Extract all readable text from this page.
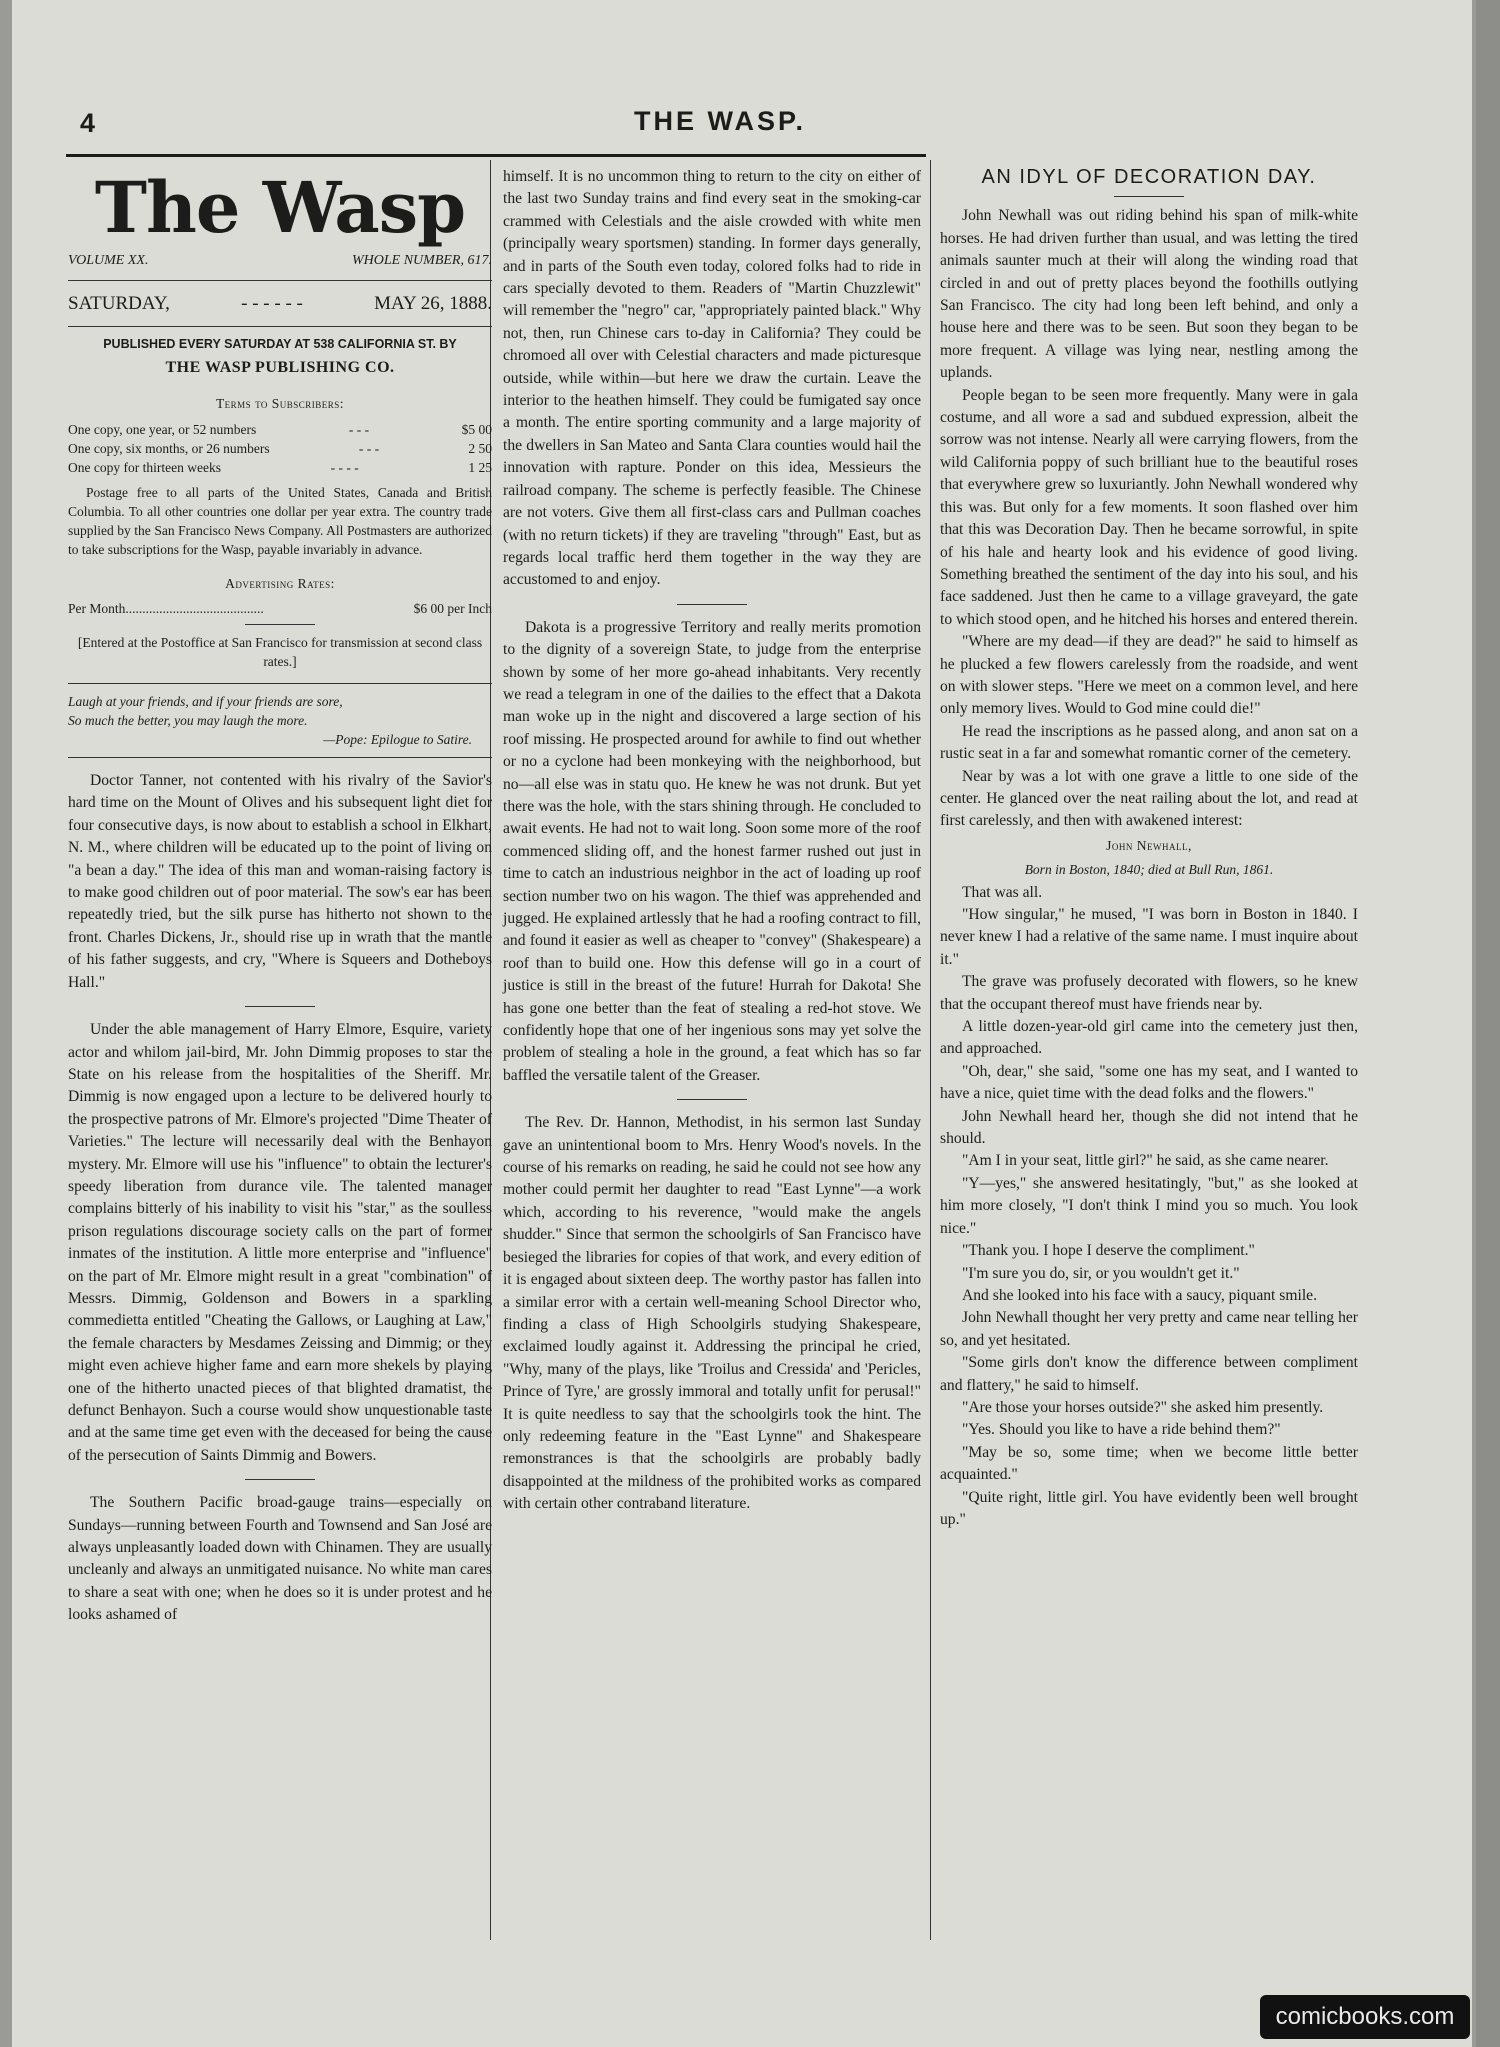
4	THE WASP.
The Wasp
VOLUME XX.	WHOLE NUMBER, 617.
SATURDAY,	- - - - - -	MAY 26, 1888.
PUBLISHED EVERY SATURDAY AT 538 CALIFORNIA ST. BY
THE WASP PUBLISHING CO.
Terms to Subscribers:
One copy, one year, or 52 numbers	- - -	$5 00
One copy, six months, or 26 numbers	- - -	2 50
One copy for thirteen weeks	- - - -	1 25
Postage free to all parts of the United States, Canada and British Columbia. To all other countries one dollar per year extra. The country trade supplied by the San Francisco News Company. All Postmasters are authorized to take subscriptions for the Wasp, payable invariably in advance.
Advertising Rates:
Per Month.........................................	$6 00 per Inch
[Entered at the Postoffice at San Francisco for transmission at second class rates.]
Laugh at your friends, and if your friends are sore,
So much the better, you may laugh the more.
—Pope: Epilogue to Satire.

Doctor Tanner, not contented with his rivalry of the Savior's hard time on the Mount of Olives and his subsequent light diet for four consecutive days, is now about to establish a school in Elkhart, N. M., where children will be educated up to the point of living on "a bean a day." The idea of this man and woman-raising factory is to make good children out of poor material. The sow's ear has been repeatedly tried, but the silk purse has hitherto not shown to the front. Charles Dickens, Jr., should rise up in wrath that the mantle of his father suggests, and cry, "Where is Squeers and Dotheboys Hall."

Under the able management of Harry Elmore, Esquire, variety actor and whilom jail-bird, Mr. John Dimmig proposes to star the State on his release from the hospitalities of the Sheriff. Mr. Dimmig is now engaged upon a lecture to be delivered hourly to the prospective patrons of Mr. Elmore's projected "Dime Theater of Varieties." The lecture will necessarily deal with the Benhayon mystery. Mr. Elmore will use his "influence" to obtain the lecturer's speedy liberation from durance vile. The talented manager complains bitterly of his inability to visit his "star," as the soulless prison regulations discourage society calls on the part of former inmates of the institution. A little more enterprise and "influence" on the part of Mr. Elmore might result in a great "combination" of Messrs. Dimmig, Goldenson and Bowers in a sparkling commedietta entitled "Cheating the Gallows, or Laughing at Law," the female characters by Mesdames Zeissing and Dimmig; or they might even achieve higher fame and earn more shekels by playing one of the hitherto unacted pieces of that blighted dramatist, the defunct Benhayon. Such a course would show unquestionable taste and at the same time get even with the deceased for being the cause of the persecution of Saints Dimmig and Bowers.

The Southern Pacific broad-gauge trains—especially on Sundays—running between Fourth and Townsend and San José are always unpleasantly loaded down with Chinamen. They are usually uncleanly and always an unmitigated nuisance. No white man cares to share a seat with one; when he does so it is under protest and he looks ashamed of

himself. It is no uncommon thing to return to the city on either of the last two Sunday trains and find every seat in the smoking-car crammed with Celestials and the aisle crowded with white men (principally weary sportsmen) standing. In former days generally, and in parts of the South even today, colored folks had to ride in cars specially devoted to them. Readers of "Martin Chuzzlewit" will remember the "negro" car, "appropriately painted black." Why not, then, run Chinese cars to-day in California? They could be chromoed all over with Celestial characters and made picturesque outside, while within—but here we draw the curtain. Leave the interior to the heathen himself. They could be fumigated say once a month. The entire sporting community and a large majority of the dwellers in San Mateo and Santa Clara counties would hail the innovation with rapture. Ponder on this idea, Messieurs the railroad company. The scheme is perfectly feasible. The Chinese are not voters. Give them all first-class cars and Pullman coaches (with no return tickets) if they are traveling "through" East, but as regards local traffic herd them together in the way they are accustomed to and enjoy.

Dakota is a progressive Territory and really merits promotion to the dignity of a sovereign State, to judge from the enterprise shown by some of her more go-ahead inhabitants. Very recently we read a telegram in one of the dailies to the effect that a Dakota man woke up in the night and discovered a large section of his roof missing. He prospected around for awhile to find out whether or no a cyclone had been monkeying with the neighborhood, but no—all else was in statu quo. He knew he was not drunk. But yet there was the hole, with the stars shining through. He concluded to await events. He had not to wait long. Soon some more of the roof commenced sliding off, and the honest farmer rushed out just in time to catch an industrious neighbor in the act of loading up roof section number two on his wagon. The thief was apprehended and jugged. He explained artlessly that he had a roofing contract to fill, and found it easier as well as cheaper to "convey" (Shakespeare) a roof than to build one. How this defense will go in a court of justice is still in the breast of the future! Hurrah for Dakota! She has gone one better than the feat of stealing a red-hot stove. We confidently hope that one of her ingenious sons may yet solve the problem of stealing a hole in the ground, a feat which has so far baffled the versatile talent of the Greaser.

The Rev. Dr. Hannon, Methodist, in his sermon last Sunday gave an unintentional boom to Mrs. Henry Wood's novels. In the course of his remarks on reading, he said he could not see how any mother could permit her daughter to read "East Lynne"—a work which, according to his reverence, "would make the angels shudder." Since that sermon the schoolgirls of San Francisco have besieged the libraries for copies of that work, and every edition of it is engaged about sixteen deep. The worthy pastor has fallen into a similar error with a certain well-meaning School Director who, finding a class of High Schoolgirls studying Shakespeare, exclaimed loudly against it. Addressing the principal he cried, "Why, many of the plays, like 'Troilus and Cressida' and 'Pericles, Prince of Tyre,' are grossly immoral and totally unfit for perusal!" It is quite needless to say that the schoolgirls took the hint. The only redeeming feature in the "East Lynne" and Shakespeare remonstrances is that the schoolgirls are probably badly disappointed at the mildness of the prohibited works as compared with certain other contraband literature.

AN IDYL OF DECORATION DAY.

John Newhall was out riding behind his span of milk-white horses. He had driven further than usual, and was letting the tired animals saunter much at their will along the winding road that circled in and out of pretty places beyond the foothills outlying San Francisco. The city had long been left behind, and only a house here and there was to be seen. But soon they began to be more frequent. A village was lying near, nestling among the uplands.

People began to be seen more frequently. Many were in gala costume, and all wore a sad and subdued expression, albeit the sorrow was not intense. Nearly all were carrying flowers, from the wild California poppy of such brilliant hue to the beautiful roses that everywhere grew so luxuriantly. John Newhall wondered why this was. But only for a few moments. It soon flashed over him that this was Decoration Day. Then he became sorrowful, in spite of his hale and hearty look and his evidence of good living. Something breathed the sentiment of the day into his soul, and his face saddened. Just then he came to a village graveyard, the gate to which stood open, and he hitched his horses and entered therein.

"Where are my dead—if they are dead?" he said to himself as he plucked a few flowers carelessly from the roadside, and went on with slower steps. "Here we meet on a common level, and here only memory lives. Would to God mine could die!"

He read the inscriptions as he passed along, and anon sat on a rustic seat in a far and somewhat romantic corner of the cemetery.

Near by was a lot with one grave a little to one side of the center. He glanced over the neat railing about the lot, and read at first carelessly, and then with awakened interest:

John Newhall,
Born in Boston, 1840; died at Bull Run, 1861.

That was all.

"How singular," he mused, "I was born in Boston in 1840. I never knew I had a relative of the same name. I must inquire about it."

The grave was profusely decorated with flowers, so he knew that the occupant thereof must have friends near by.

A little dozen-year-old girl came into the cemetery just then, and approached.

"Oh, dear," she said, "some one has my seat, and I wanted to have a nice, quiet time with the dead folks and the flowers."

John Newhall heard her, though she did not intend that he should.

"Am I in your seat, little girl?" he said, as she came nearer.

"Y—yes," she answered hesitatingly, "but," as she looked at him more closely, "I don't think I mind you so much. You look nice."

"Thank you. I hope I deserve the compliment."

"I'm sure you do, sir, or you wouldn't get it."

And she looked into his face with a saucy, piquant smile.

John Newhall thought her very pretty and came near telling her so, and yet hesitated.

"Some girls don't know the difference between compliment and flattery," he said to himself.

"Are those your horses outside?" she asked him presently.

"Yes. Should you like to have a ride behind them?"

"May be so, some time; when we become little better acquainted."

"Quite right, little girl. You have evidently been well brought up."

comicbooks.com
